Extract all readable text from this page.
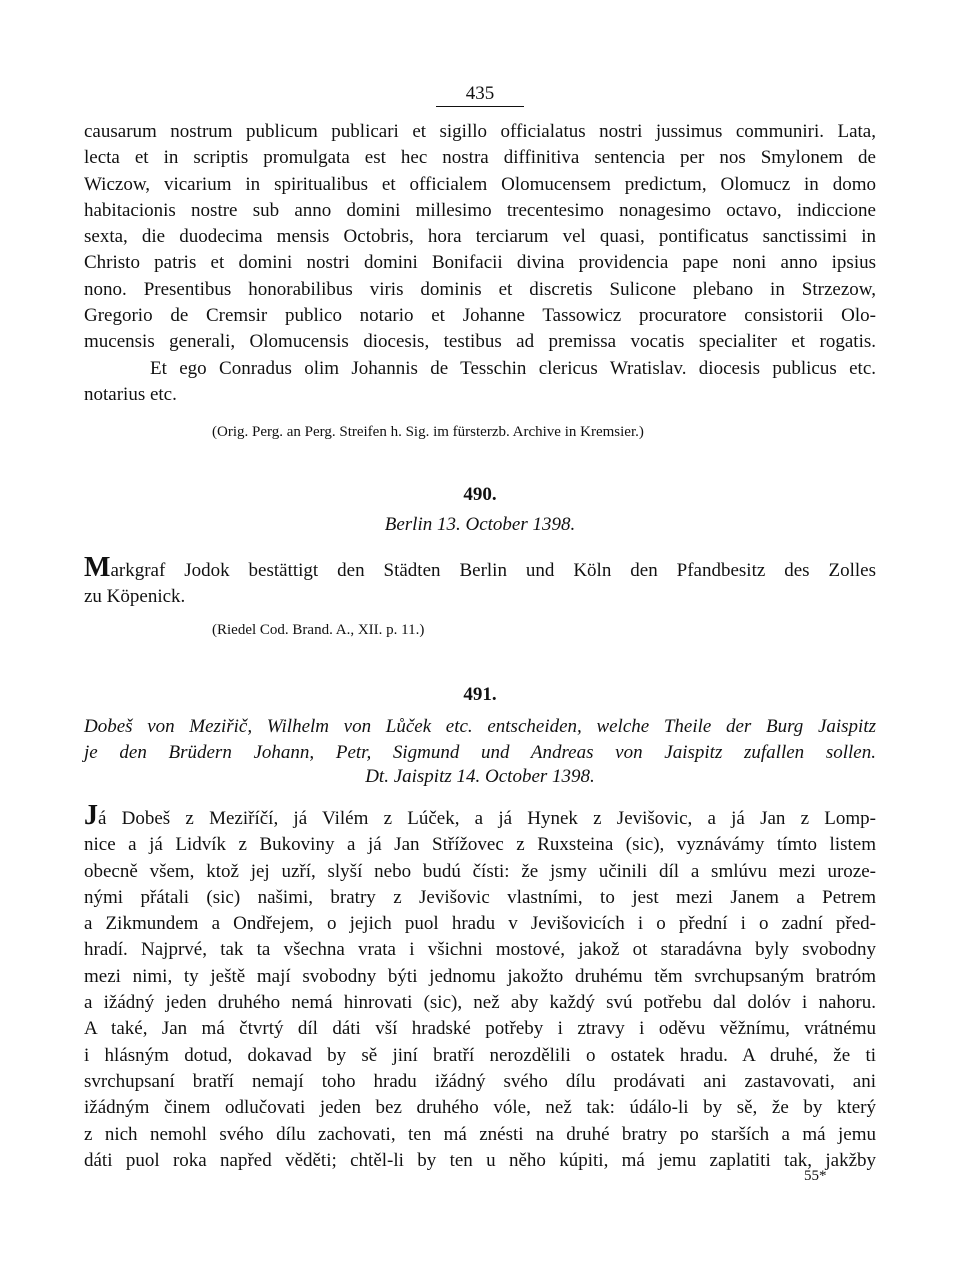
435
causarum nostrum publicum publicari et sigillo officialatus nostri jussimus communiri. Lata,
lecta et in scriptis promulgata est hec nostra diffinitiva sentencia per nos Smylonem de
Wiczow, vicarium in spiritualibus et officialem Olomucensem predictum, Olomucz in domo
habitacionis nostre sub anno domini millesimo trecentesimo nonagesimo octavo, indiccione
sexta, die duodecima mensis Octobris, hora terciarum vel quasi, pontificatus sanctissimi in
Christo patris et domini nostri domini Bonifacii divina providencia pape noni anno ipsius
nono. Presentibus honorabilibus viris dominis et discretis Sulicone plebano in Strzezow,
Gregorio de Cremsir publico notario et Johanne Tassowicz procuratore consistorii Olo-
mucensis generali, Olomucensis diocesis, testibus ad premissa vocatis specialiter et rogatis.
Et ego Conradus olim Johannis de Tesschin clericus Wratislav. diocesis publicus etc.
notarius etc.
(Orig. Perg. an Perg. Streifen h. Sig. im fürsterzb. Archive in Kremsier.)
490.
Berlin 13. October 1398.
Markgraf Jodok bestättigt den Städten Berlin und Köln den Pfandbesitz des Zolles
zu Köpenick.
(Riedel Cod. Brand. A., XII. p. 11.)
491.
Dobeš von Meziřič, Wilhelm von Lůček etc. entscheiden, welche Theile der Burg Jaispitz
je den Brüdern Johann, Petr, Sigmund und Andreas von Jaispitz zufallen sollen.
Dt. Jaispitz 14. October 1398.
Já Dobeš z Meziříčí, já Vilém z Lúček, a já Hynek z Jevišovic, a já Jan z Lomp-
nice a já Lidvík z Bukoviny a já Jan Střížovec z Ruxsteina (sic), vyznávámy tímto listem
obecně všem, ktož jej uzří, slyší nebo budú čísti: že jsmy učinili díl a smlúvu mezi uroze-
nými přátali (sic) našimi, bratry z Jevišovic vlastními, to jest mezi Janem a Petrem
a Zikmundem a Ondřejem, o jejich puol hradu v Jevišovicích i o přední i o zadní před-
hradí. Najprvé, tak ta všechna vrata i všichni mostové, jakož ot staradávna byly svobodny
mezi nimi, ty ještě mají svobodny býti jednomu jakožto druhému těm svrchupsaným bratróm
a ižádný jeden druhého nemá hinrovati (sic), než aby každý svú potřebu dal dolóv i nahoru.
A také, Jan má čtvrtý díl dáti vší hradské potřeby i ztravy i oděvu věžnímu, vrátnému
i hlásným dotud, dokavad by sě jiní bratří nerozdělili o ostatek hradu. A druhé, že ti
svrchupsaní bratří nemají toho hradu ižádný svého dílu prodávati ani zastavovati, ani
ižádným činem odlučovati jeden bez druhého vóle, než tak: údálo-li by sě, že by který
z nich nemohl svého dílu zachovati, ten má znésti na druhé bratry po starších a má jemu
dáti puol roka napřed věděti; chtěl-li by ten u něho kúpiti, má jemu zaplatiti tak, jakžby
55*
